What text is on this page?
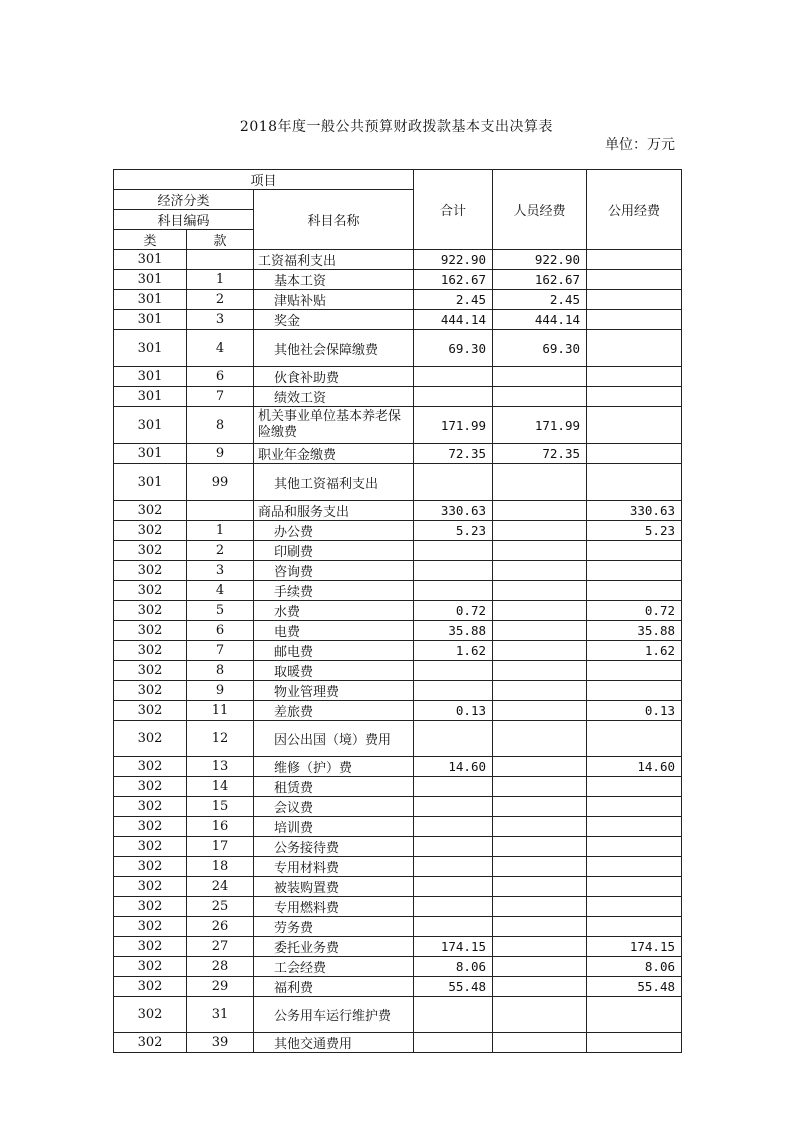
2018年度一般公共预算财政拨款基本支出决算表
单位：万元
项目			合计	人员经费	公用经费
经济分类		科目名称			
科目编码					
类	款				
301		工资福利支出	922.90	922.90	
301	1	基本工资	162.67	162.67	
301	2	津贴补贴	2.45	2.45	
301	3	奖金	444.14	444.14	
301	4	其他社会保障缴费	69.30	69.30	
301	6	伙食补助费			
301	7	绩效工资			
301	8	机关事业单位基本养老保险缴费	171.99	171.99	
301	9	职业年金缴费	72.35	72.35	
301	99	其他工资福利支出			
302		商品和服务支出	330.63		330.63
302	1	办公费	5.23		5.23
302	2	印刷费			
302	3	咨询费			
302	4	手续费			
302	5	水费	0.72		0.72
302	6	电费	35.88		35.88
302	7	邮电费	1.62		1.62
302	8	取暖费			
302	9	物业管理费			
302	11	差旅费	0.13		0.13
302	12	因公出国（境）费用			
302	13	维修（护）费	14.60		14.60
302	14	租赁费			
302	15	会议费			
302	16	培训费			
302	17	公务接待费			
302	18	专用材料费			
302	24	被装购置费			
302	25	专用燃料费			
302	26	劳务费			
302	27	委托业务费	174.15		174.15
302	28	工会经费	8.06		8.06
302	29	福利费	55.48		55.48
302	31	公务用车运行维护费			
302	39	其他交通费用			
